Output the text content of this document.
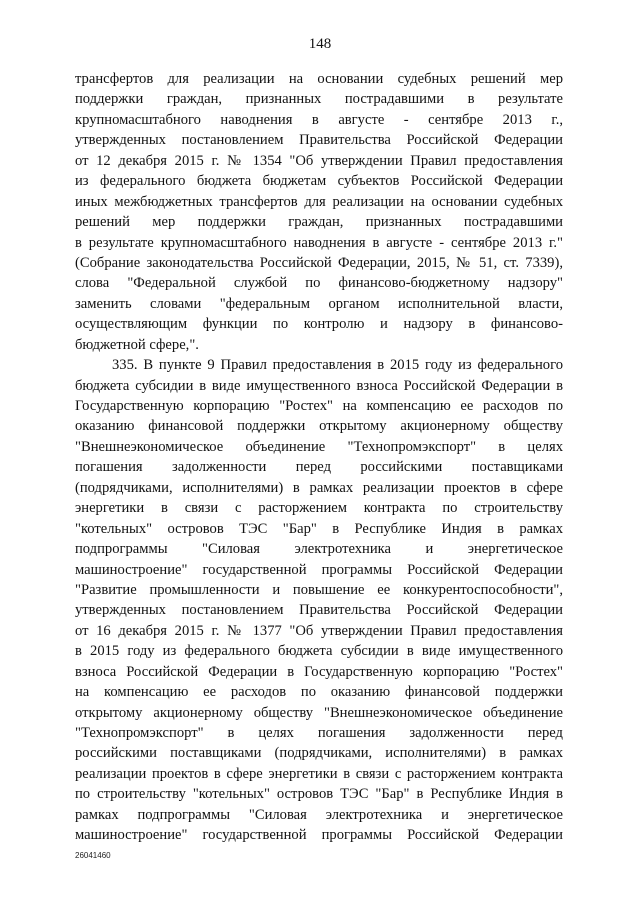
148
трансфертов для реализации на основании судебных решений мер
поддержки граждан, признанных пострадавшими в результате
крупномасштабного наводнения в августе - сентябре 2013 г.,
утвержденных постановлением Правительства Российской Федерации
от 12 декабря 2015 г. № 1354 "Об утверждении Правил предоставления
из федерального бюджета бюджетам субъектов Российской Федерации
иных межбюджетных трансфертов для реализации на основании судебных
решений мер поддержки граждан, признанных пострадавшими
в результате крупномасштабного наводнения в августе - сентябре 2013 г."
(Собрание законодательства Российской Федерации, 2015, № 51, ст. 7339),
слова "Федеральной службой по финансово-бюджетному надзору"
заменить словами "федеральным органом исполнительной власти,
осуществляющим функции по контролю и надзору в финансово-
бюджетной сфере,".
335. В пункте 9 Правил предоставления в 2015 году из федерального
бюджета субсидии в виде имущественного взноса Российской Федерации в
Государственную корпорацию "Ростех" на компенсацию ее расходов по
оказанию финансовой поддержки открытому акционерному обществу
"Внешнеэкономическое объединение "Технопромэкспорт" в целях
погашения задолженности перед российскими поставщиками
(подрядчиками, исполнителями) в рамках реализации проектов в сфере
энергетики в связи с расторжением контракта по строительству
"котельных" островов ТЭС "Бар" в Республике Индия в рамках
подпрограммы "Силовая электротехника и энергетическое
машиностроение" государственной программы Российской Федерации
"Развитие промышленности и повышение ее конкурентоспособности",
утвержденных постановлением Правительства Российской Федерации
от 16 декабря 2015 г. № 1377 "Об утверждении Правил предоставления
в 2015 году из федерального бюджета субсидии в виде имущественного
взноса Российской Федерации в Государственную корпорацию "Ростех"
на компенсацию ее расходов по оказанию финансовой поддержки
открытому акционерному обществу "Внешнеэкономическое объединение
"Технопромэкспорт" в целях погашения задолженности перед
российскими поставщиками (подрядчиками, исполнителями) в рамках
реализации проектов в сфере энергетики в связи с расторжением контракта
по строительству "котельных" островов ТЭС "Бар" в Республике Индия в
рамках подпрограммы "Силовая электротехника и энергетическое
машиностроение" государственной программы Российской Федерации
26041460
